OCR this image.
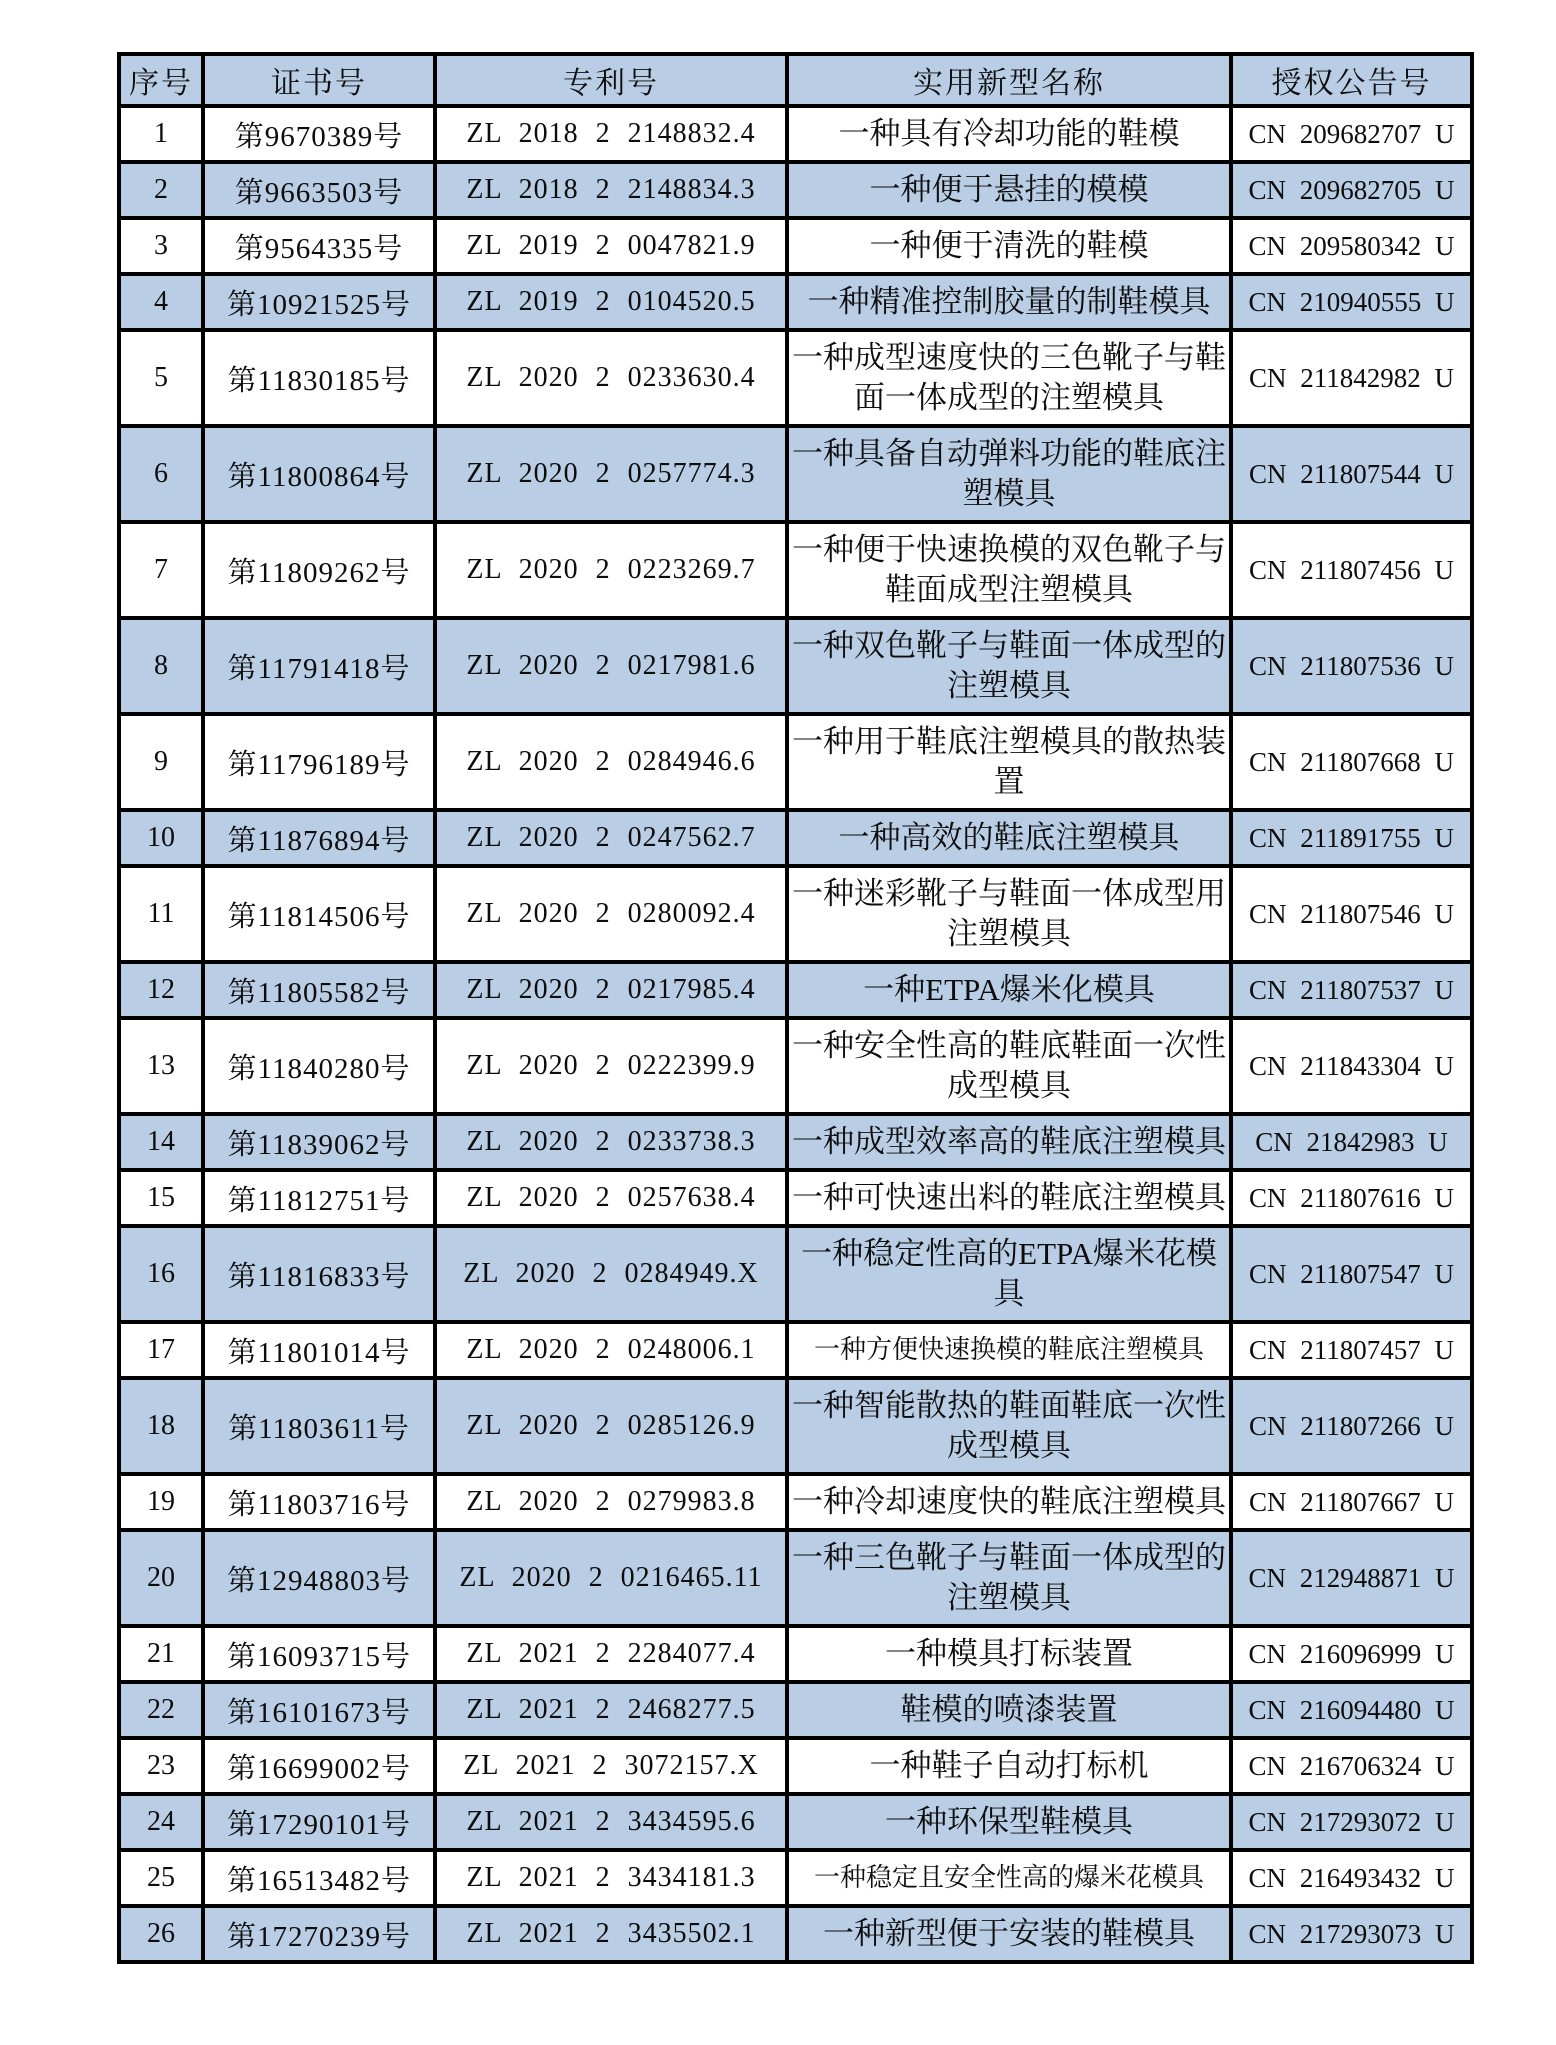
序号	证书号	专利号	实用新型名称	授权公告号
1	第9670389号	ZL 2018 2 2148832.4	一种具有冷却功能的鞋模	CN 209682707 U
2	第9663503号	ZL 2018 2 2148834.3	一种便于悬挂的模模	CN 209682705 U
3	第9564335号	ZL 2019 2 0047821.9	一种便于清洗的鞋模	CN 209580342 U
4	第10921525号	ZL 2019 2 0104520.5	一种精准控制胶量的制鞋模具	CN 210940555 U
5	第11830185号	ZL 2020 2 0233630.4	一种成型速度快的三色靴子与鞋面一体成型的注塑模具	CN 211842982 U
6	第11800864号	ZL 2020 2 0257774.3	一种具备自动弹料功能的鞋底注塑模具	CN 211807544 U
7	第11809262号	ZL 2020 2 0223269.7	一种便于快速换模的双色靴子与鞋面成型注塑模具	CN 211807456 U
8	第11791418号	ZL 2020 2 0217981.6	一种双色靴子与鞋面一体成型的注塑模具	CN 211807536 U
9	第11796189号	ZL 2020 2 0284946.6	一种用于鞋底注塑模具的散热装置	CN 211807668 U
10	第11876894号	ZL 2020 2 0247562.7	一种高效的鞋底注塑模具	CN 211891755 U
11	第11814506号	ZL 2020 2 0280092.4	一种迷彩靴子与鞋面一体成型用注塑模具	CN 211807546 U
12	第11805582号	ZL 2020 2 0217985.4	一种ETPA爆米化模具	CN 211807537 U
13	第11840280号	ZL 2020 2 0222399.9	一种安全性高的鞋底鞋面一次性成型模具	CN 211843304 U
14	第11839062号	ZL 2020 2 0233738.3	一种成型效率高的鞋底注塑模具	CN 21842983 U
15	第11812751号	ZL 2020 2 0257638.4	一种可快速出料的鞋底注塑模具	CN 211807616 U
16	第11816833号	ZL 2020 2 0284949.X	一种稳定性高的ETPA爆米花模具	CN 211807547 U
17	第11801014号	ZL 2020 2 0248006.1	一种方便快速换模的鞋底注塑模具	CN 211807457 U
18	第11803611号	ZL 2020 2 0285126.9	一种智能散热的鞋面鞋底一次性成型模具	CN 211807266 U
19	第11803716号	ZL 2020 2 0279983.8	一种冷却速度快的鞋底注塑模具	CN 211807667 U
20	第12948803号	ZL 2020 2 0216465.11	一种三色靴子与鞋面一体成型的注塑模具	CN 212948871 U
21	第16093715号	ZL 2021 2 2284077.4	一种模具打标装置	CN 216096999 U
22	第16101673号	ZL 2021 2 2468277.5	鞋模的喷漆装置	CN 216094480 U
23	第16699002号	ZL 2021 2 3072157.X	一种鞋子自动打标机	CN 216706324 U
24	第17290101号	ZL 2021 2 3434595.6	一种环保型鞋模具	CN 217293072 U
25	第16513482号	ZL 2021 2 3434181.3	一种稳定且安全性高的爆米花模具	CN 216493432 U
26	第17270239号	ZL 2021 2 3435502.1	一种新型便于安装的鞋模具	CN 217293073 U
